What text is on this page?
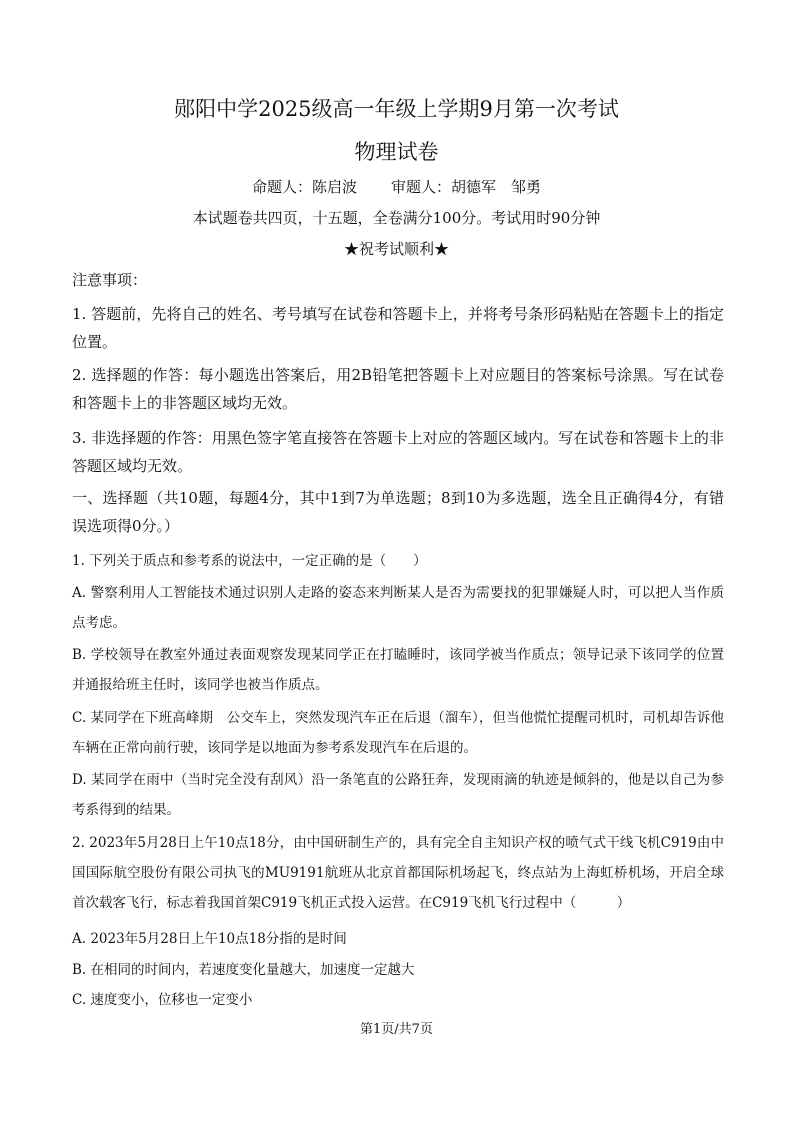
郧阳中学2025级高一年级上学期9月第一次考试
物理试卷
命题人：陈启波 审题人：胡德军　邹勇
本试题卷共四页，十五题，全卷满分100分。考试用时90分钟
★祝考试顺利★
注意事项：
1. 答题前，先将自己的姓名、考号填写在试卷和答题卡上，并将考号条形码粘贴在答题卡上的指定位置。
2. 选择题的作答：每小题选出答案后，用2B铅笔把答题卡上对应题目的答案标号涂黑。写在试卷和答题卡上的非答题区域均无效。
3. 非选择题的作答：用黑色签字笔直接答在答题卡上对应的答题区域内。写在试卷和答题卡上的非答题区域均无效。
一、选择题（共10题，每题4分，其中1到7为单选题；8到10为多选题，选全且正确得4分，有错误选项得0分。）
1. 下列关于质点和参考系的说法中，一定正确的是（　　）
A. 警察利用人工智能技术通过识别人走路的姿态来判断某人是否为需要找的犯罪嫌疑人时，可以把人当作质点考虑。
B. 学校领导在教室外通过表面观察发现某同学正在打瞌睡时，该同学被当作质点；领导记录下该同学的位置并通报给班主任时，该同学也被当作质点。
C. 某同学在下班高峰期　公交车上，突然发现汽车正在后退（溜车），但当他慌忙提醒司机时，司机却告诉他车辆在正常向前行驶，该同学是以地面为参考系发现汽车在后退的。
D. 某同学在雨中（当时完全没有刮风）沿一条笔直的公路狂奔，发现雨滴的轨迹是倾斜的，他是以自己为参考系得到的结果。
2. 2023年5月28日上午10点18分，由中国研制生产的，具有完全自主知识产权的喷气式干线飞机C919由中国国际航空股份有限公司执飞的MU9191航班从北京首都国际机场起飞，终点站为上海虹桥机场，开启全球首次载客飞行，标志着我国首架C919飞机正式投入运营。在C919飞机飞行过程中（　　　）
A. 2023年5月28日上午10点18分指的是时间
B. 在相同的时间内，若速度变化量越大，加速度一定越大
C. 速度变小，位移也一定变小
第1页/共7页
